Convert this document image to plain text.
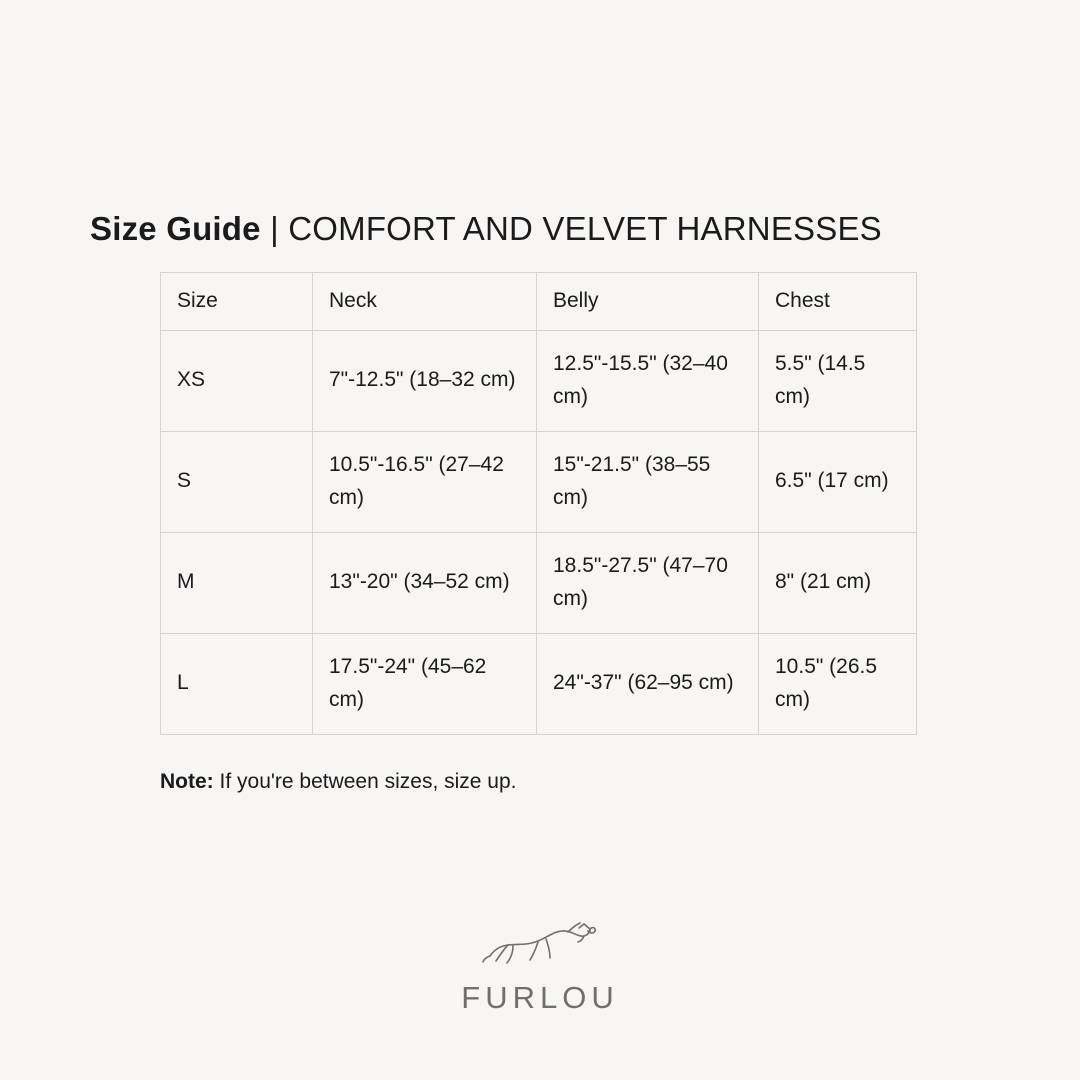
Size Guide | COMFORT AND VELVET HARNESSES
Size	Neck	Belly	Chest
XS	7"-12.5" (18–32 cm)	12.5"-15.5" (32–40 cm)	5.5" (14.5 cm)
S	10.5"-16.5" (27–42 cm)	15"-21.5" (38–55 cm)	6.5" (17 cm)
M	13"-20" (34–52 cm)	18.5"-27.5" (47–70 cm)	8" (21 cm)
L	17.5"-24" (45–62 cm)	24"-37" (62–95 cm)	10.5" (26.5 cm)
Note: If you're between sizes, size up.
FURLOU
